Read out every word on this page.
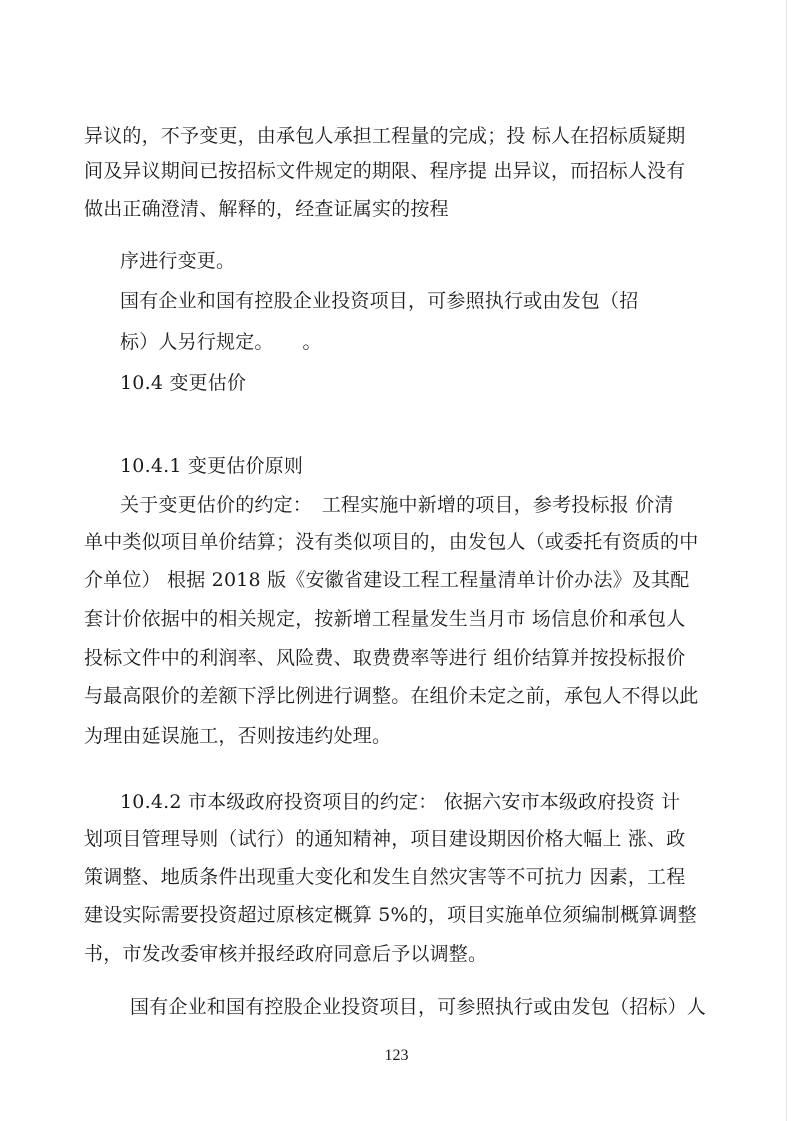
异议的，不予变更，由承包人承担工程量的完成；投 标人在招标质疑期
间及异议期间已按招标文件规定的期限、程序提 出异议，而招标人没有
做出正确澄清、解释的，经查证属实的按程
序进行变更。
国有企业和国有控股企业投资项目，可参照执行或由发包（招
标）人另行规定。　　。
10.4 变更估价
10.4.1 变更估价原则
关于变更估价的约定：　工程实施中新增的项目，参考投标报 价清
单中类似项目单价结算；没有类似项目的，由发包人（或委托有资质的中
介单位） 根据 2018 版《安徽省建设工程工程量清单计价办法》及其配
套计价依据中的相关规定，按新增工程量发生当月市 场信息价和承包人
投标文件中的利润率、风险费、取费费率等进行 组价结算并按投标报价
与最高限价的差额下浮比例进行调整。在组价未定之前，承包人不得以此
为理由延误施工，否则按违约处理。
10.4.2 市本级政府投资项目的约定： 依据六安市本级政府投资 计
划项目管理导则（试行）的通知精神，项目建设期因价格大幅上 涨、政
策调整、地质条件出现重大变化和发生自然灾害等不可抗力 因素，工程
建设实际需要投资超过原核定概算 5%的，项目实施单位须编制概算调整
书，市发改委审核并报经政府同意后予以调整。
国有企业和国有控股企业投资项目，可参照执行或由发包（招标）人
123
